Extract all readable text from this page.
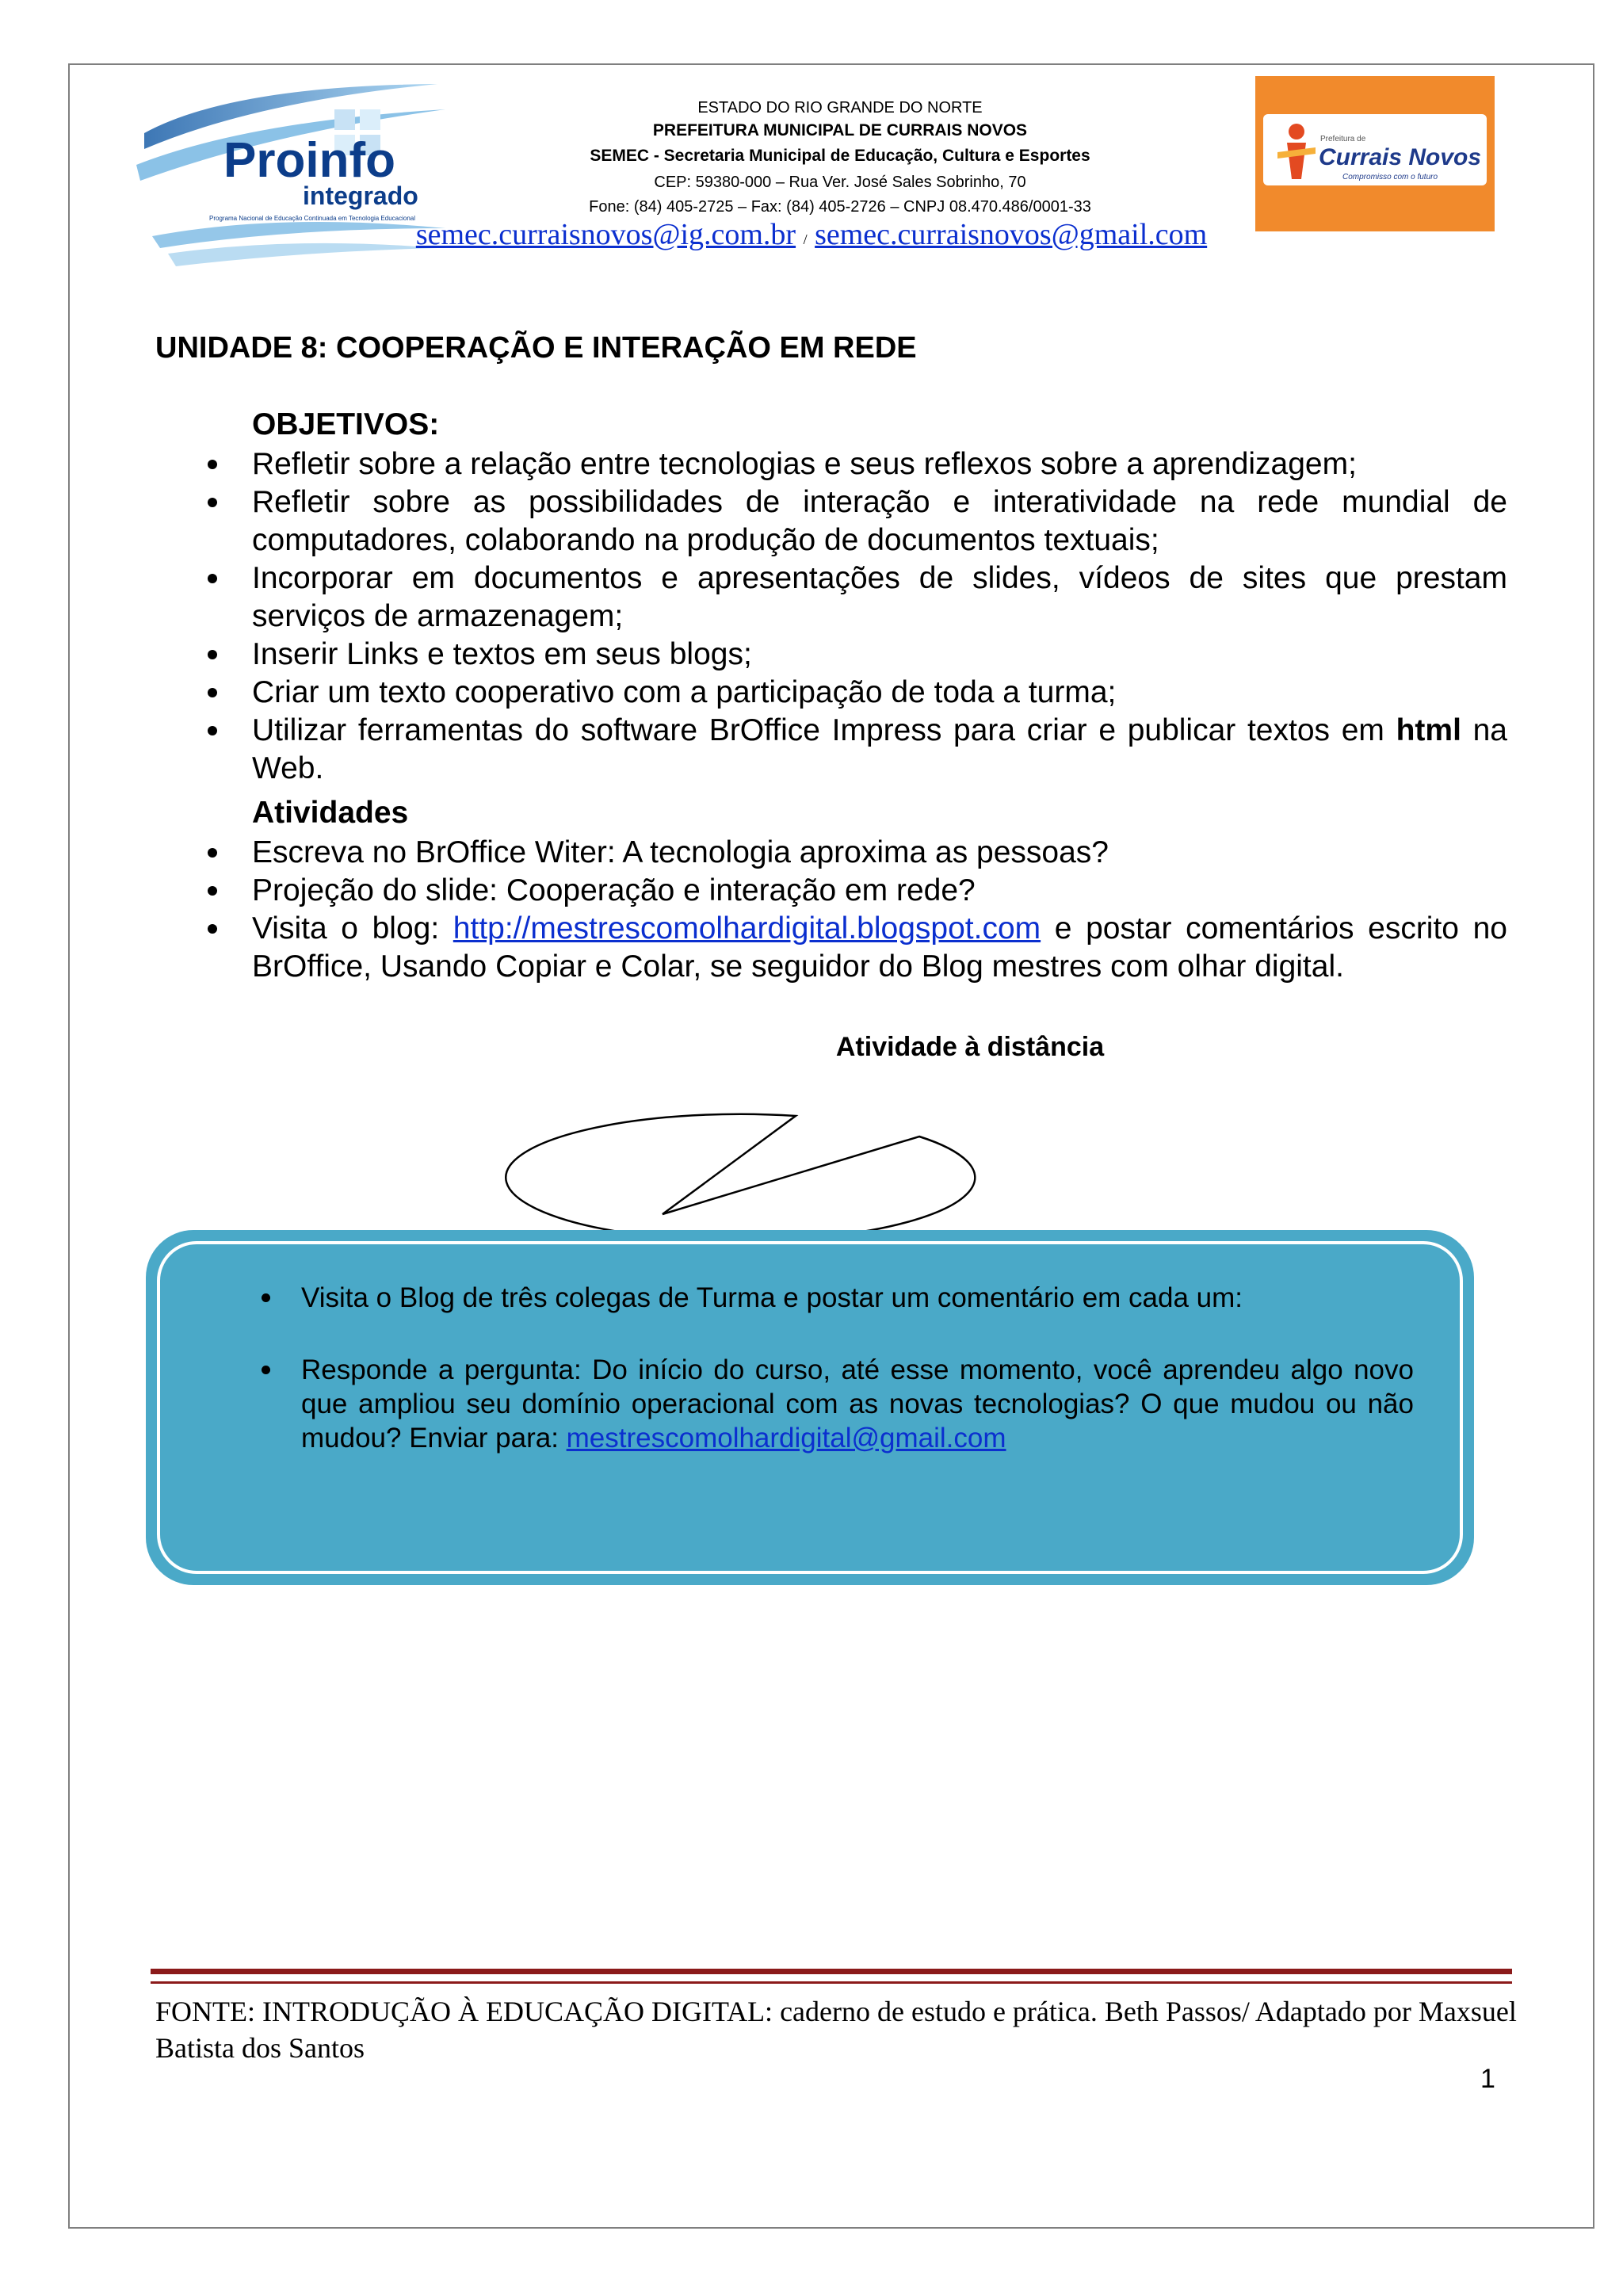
Proinfo
integrado
Programa Nacional de Educação Continuada em Tecnologia Educacional
Prefeitura de
Currais Novos
Compromisso com o futuro
ESTADO DO RIO GRANDE DO NORTE
PREFEITURA MUNICIPAL DE CURRAIS NOVOS
SEMEC - Secretaria Municipal de Educação, Cultura e Esportes
CEP: 59380-000 – Rua Ver. José Sales Sobrinho, 70
Fone: (84) 405-2725 – Fax: (84) 405-2726 – CNPJ 08.470.486/0001-33
semec.curraisnovos@ig.com.br / semec.curraisnovos@gmail.com
UNIDADE 8: COOPERAÇÃO E INTERAÇÃO EM REDE
OBJETIVOS:
Refletir sobre a relação entre tecnologias e seus reflexos sobre a aprendizagem;
Refletir sobre as possibilidades de interação e interatividade na rede mundial de computadores, colaborando na produção de documentos textuais;
Incorporar em documentos e apresentações de slides, vídeos de sites que prestam serviços de armazenagem;
Inserir Links e textos em seus blogs;
Criar um texto cooperativo com a participação de toda a turma;
Utilizar ferramentas do software BrOffice Impress para criar e publicar textos em html na Web.
Atividades
Escreva no BrOffice Witer: A tecnologia aproxima as pessoas?
Projeção do slide: Cooperação e interação em rede?
Visita o blog: http://mestrescomolhardigital.blogspot.com e postar comentários escrito no BrOffice, Usando Copiar e Colar, se seguidor do Blog mestres com olhar digital.
Atividade à distância
Visita o Blog de três colegas de Turma e postar um comentário em cada um:
Responde a pergunta: Do início do curso, até esse momento, você aprendeu algo novo que ampliou seu domínio operacional com as novas tecnologias? O que mudou ou não mudou? Enviar para: mestrescomolhardigital@gmail.com
FONTE: INTRODUÇÃO À EDUCAÇÃO DIGITAL: caderno de estudo e prática. Beth Passos/ Adaptado por Maxsuel Batista dos Santos
1
